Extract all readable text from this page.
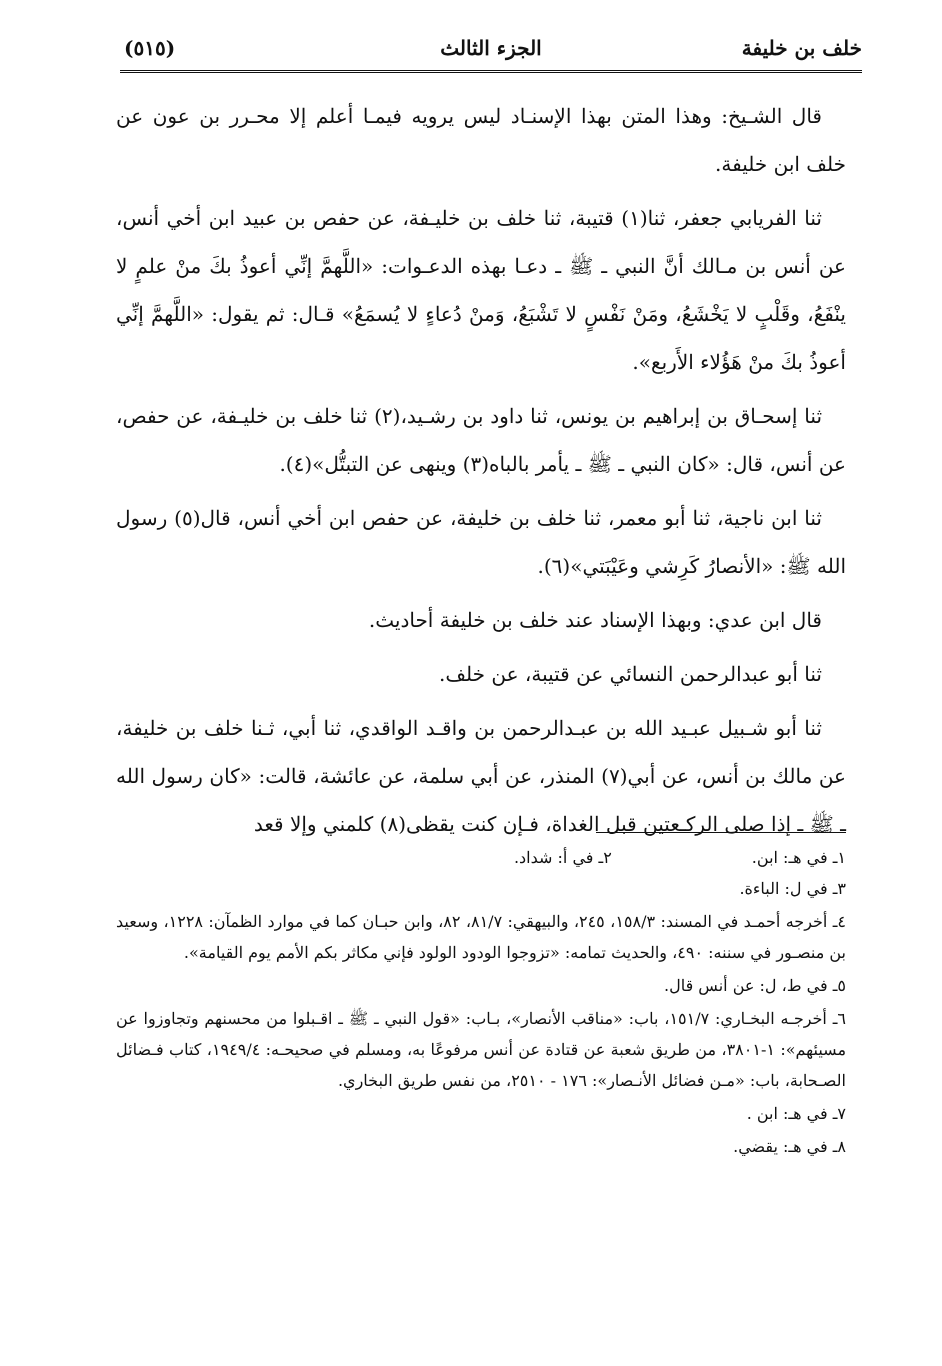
خلف بن خليفة
الجزء الثالث
(٥١٥)

قال الشـيخ: وهذا المتن بهذا الإسنـاد ليس يرويه فيمـا أعلم إلا محـرر بن عون عن خلف ابن خليفة.

ثنا الفريابي جعفر، ثنا(١) قتيبة، ثنا خلف بن خليـفة، عن حفص بن عبيد ابن أخي أنس، عن أنس بن مـالك أنَّ النبي ـ ﷺ ـ دعـا بهذه الدعـوات: «اللَّهمَّ إنِّي أعوذُ بكَ منْ علمٍ لا ينْفَعُ، وقَلْبٍ لا يَخْشَعُ، ومَنْ نَفْسٍ لا تَشْبَعُ، وَمنْ دُعاءٍ لا يُسمَعُ» قـال: ثم يقول: «اللَّهمَّ إنِّي أعوذُ بكَ منْ هَؤُلاء الأَربع».

ثنا إسحـاق بن إبراهيم بن يونس، ثنا داود بن رشـيد،(٢) ثنا خلف بن خليـفة، عن حفص، عن أنس، قال: «كان النبي ـ ﷺ ـ يأمر بالباه(٣) وينهى عن التبتُّل»(٤).

ثنا ابن ناجية، ثنا أبو معمر، ثنا خلف بن خليفة، عن حفص ابن أخي أنس، قال(٥) رسول الله ﷺ: «الأنصارُ كَرِشي وعَيْبَتي»(٦).

قال ابن عدي: وبهذا الإسناد عند خلف بن خليفة أحاديث.

ثنا أبو عبدالرحمن النسائي عن قتيبة، عن خلف.

ثنا أبو شـبيل عبـيد الله بن عبـدالرحمن بن واقـد الواقدي، ثنا أبي، ثـنا خلف بن خليفة، عن مالك بن أنس، عن أبي(٧) المنذر، عن أبي سلمة، عن عائشة، قالت: «كان رسول الله ـ ﷺ ـ إذا صلى الركـعتين قبل الغداة، فـإن كنت يقظى(٨) كلمني وإلا قعد

١ـ في هـ: ابن.
٢ـ في أ: شداد.
٣ـ في ل: الباءة.
٤ـ أخرجه أحمـد في المسند: ١٥٨/٣، ٢٤٥، والبيهقي: ٨١/٧، ٨٢، وابن حبـان كما في موارد الظمآن: ١٢٢٨، وسعيد بن منصـور في سننه: ٤٩٠، والحديث تمامه: «تزوجوا الودود الولود فإني مكاثر بكم الأمم يوم القيامة».
٥ـ في ط، ل: عن أنس قال.
٦ـ أخرجـه البخـاري: ١٥١/٧، باب: «مناقب الأنصار»، بـاب: «قول النبي ـ ﷺ ـ اقـبلوا من محسنهم وتجاوزوا عن مسيئهم»: ١-٣٨٠١، من طريق شعبة عن قتادة عن أنس مرفوعًا به، ومسلم في صحيحـه: ١٩٤٩/٤، كتاب فـضائل الصـحابة، باب: «مـن فضائل الأنـصار»: ١٧٦ - ٢٥١٠، من نفس طريق البخاري.
٧ـ في هـ: ابن .
٨ـ في هـ: يقضي.
